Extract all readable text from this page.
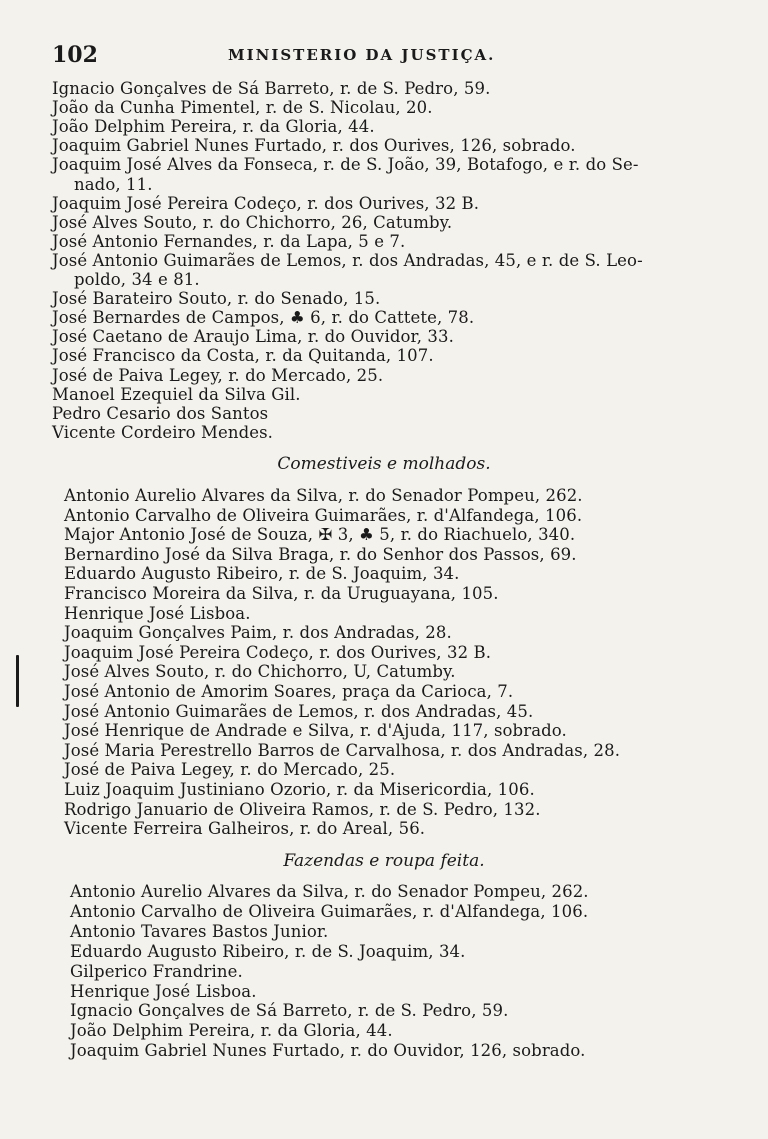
102	MINISTERIO DA JUSTIÇA.
Ignacio Gonçalves de Sá Barreto, r. de S. Pedro, 59.
João da Cunha Pimentel, r. de S. Nicolau, 20.
João Delphim Pereira, r. da Gloria, 44.
Joaquim Gabriel Nunes Furtado, r. dos Ourives, 126, sobrado.
Joaquim José Alves da Fonseca, r. de S. João, 39, Botafogo, e r. do Se-
nado, 11.
Joaquim José Pereira Codeço, r. dos Ourives, 32 B.
José Alves Souto, r. do Chichorro, 26, Catumby.
José Antonio Fernandes, r. da Lapa, 5 e 7.
José Antonio Guimarães de Lemos, r. dos Andradas, 45, e r. de S. Leo-
poldo, 34 e 81.
José Barateiro Souto, r. do Senado, 15.
José Bernardes de Campos, ♣ 6, r. do Cattete, 78.
José Caetano de Araujo Lima, r. do Ouvidor, 33.
José Francisco da Costa, r. da Quitanda, 107.
José de Paiva Legey, r. do Mercado, 25.
Manoel Ezequiel da Silva Gil.
Pedro Cesario dos Santos
Vicente Cordeiro Mendes.
Comestiveis e molhados.
Antonio Aurelio Alvares da Silva, r. do Senador Pompeu, 262.
Antonio Carvalho de Oliveira Guimarães, r. d'Alfandega, 106.
Major Antonio José de Souza, ✠ 3, ♣ 5, r. do Riachuelo, 340.
Bernardino José da Silva Braga, r. do Senhor dos Passos, 69.
Eduardo Augusto Ribeiro, r. de S. Joaquim, 34.
Francisco Moreira da Silva, r. da Uruguayana, 105.
Henrique José Lisboa.
Joaquim Gonçalves Paim, r. dos Andradas, 28.
Joaquim José Pereira Codeço, r. dos Ourives, 32 B.
José Alves Souto, r. do Chichorro, U, Catumby.
José Antonio de Amorim Soares, praça da Carioca, 7.
José Antonio Guimarães de Lemos, r. dos Andradas, 45.
José Henrique de Andrade e Silva, r. d'Ajuda, 117, sobrado.
José Maria Perestrello Barros de Carvalhosa, r. dos Andradas, 28.
José de Paiva Legey, r. do Mercado, 25.
Luiz Joaquim Justiniano Ozorio, r. da Misericordia, 106.
Rodrigo Januario de Oliveira Ramos, r. de S. Pedro, 132.
Vicente Ferreira Galheiros, r. do Areal, 56.
Fazendas e roupa feita.
Antonio Aurelio Alvares da Silva, r. do Senador Pompeu, 262.
Antonio Carvalho de Oliveira Guimarães, r. d'Alfandega, 106.
Antonio Tavares Bastos Junior.
Eduardo Augusto Ribeiro, r. de S. Joaquim, 34.
Gilperico Frandrine.
Henrique José Lisboa.
Ignacio Gonçalves de Sá Barreto, r. de S. Pedro, 59.
João Delphim Pereira, r. da Gloria, 44.
Joaquim Gabriel Nunes Furtado, r. do Ouvidor, 126, sobrado.
